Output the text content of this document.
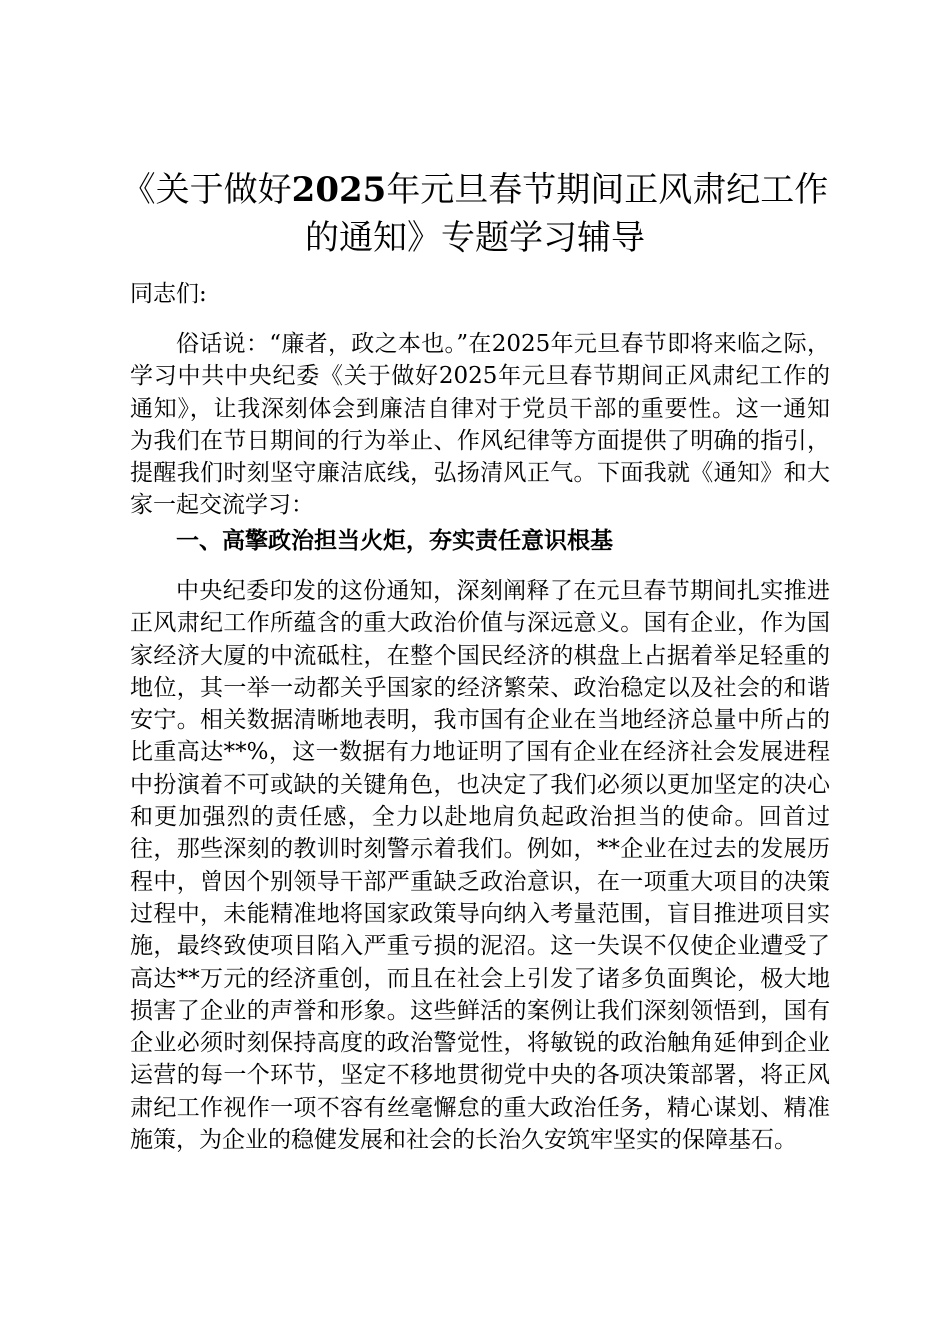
《关于做好2025年元旦春节期间正风肃纪工作的通知》专题学习辅导

同志们:

俗话说：“廉者，政之本也。”在2025年元旦春节即将来临之际，学习中共中央纪委《关于做好2025年元旦春节期间正风肃纪工作的通知》，让我深刻体会到廉洁自律对于党员干部的重要性。这一通知为我们在节日期间的行为举止、作风纪律等方面提供了明确的指引，提醒我们时刻坚守廉洁底线，弘扬清风正气。下面我就《通知》和大家一起交流学习：

一、高擎政治担当火炬，夯实责任意识根基

中央纪委印发的这份通知，深刻阐释了在元旦春节期间扎实推进正风肃纪工作所蕴含的重大政治价值与深远意义。国有企业，作为国家经济大厦的中流砥柱，在整个国民经济的棋盘上占据着举足轻重的地位，其一举一动都关乎国家的经济繁荣、政治稳定以及社会的和谐安宁。相关数据清晰地表明，我市国有企业在当地经济总量中所占的比重高达**%，这一数据有力地证明了国有企业在经济社会发展进程中扮演着不可或缺的关键角色，也决定了我们必须以更加坚定的决心和更加强烈的责任感，全力以赴地肩负起政治担当的使命。回首过往，那些深刻的教训时刻警示着我们。例如，**企业在过去的发展历程中，曾因个别领导干部严重缺乏政治意识，在一项重大项目的决策过程中，未能精准地将国家政策导向纳入考量范围，盲目推进项目实施，最终致使项目陷入严重亏损的泥沼。这一失误不仅使企业遭受了高达**万元的经济重创，而且在社会上引发了诸多负面舆论，极大地损害了企业的声誉和形象。这些鲜活的案例让我们深刻领悟到，国有企业必须时刻保持高度的政治警觉性，将敏锐的政治触角延伸到企业运营的每一个环节，坚定不移地贯彻党中央的各项决策部署，将正风肃纪工作视作一项不容有丝毫懈怠的重大政治任务，精心谋划、精准施策，为企业的稳健发展和社会的长治久安筑牢坚实的保障基石。
